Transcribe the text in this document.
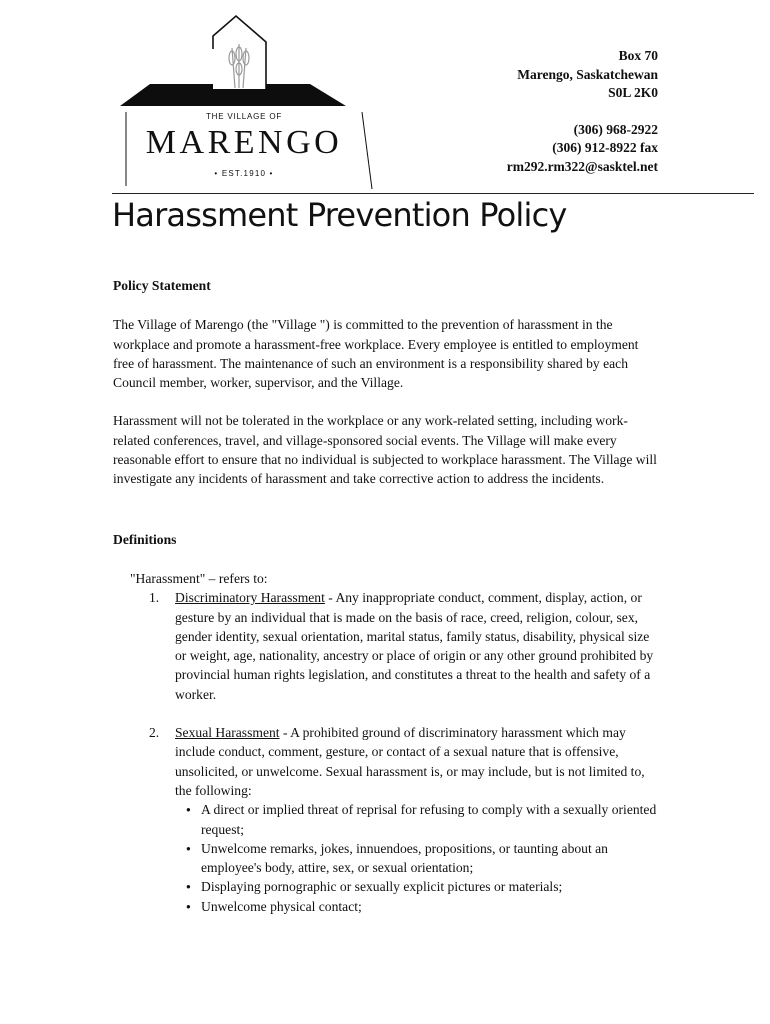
THE VILLAGE OF
MARENGO
• EST.1910 •
Box 70
Marengo, Saskatchewan
S0L 2K0
(306) 968-2922
(306) 912-8922 fax
rm292.rm322@sasktel.net
Harassment Prevention Policy

Policy Statement

The Village of Marengo (the "Village ") is committed to the prevention of harassment in the workplace and promote a harassment-free workplace. Every employee is entitled to employment free of harassment. The maintenance of such an environment is a responsibility shared by each Council member, worker, supervisor, and the Village.

Harassment will not be tolerated in the workplace or any work-related setting, including work-related conferences, travel, and village-sponsored social events. The Village will make every reasonable effort to ensure that no individual is subjected to workplace harassment. The Village will investigate any incidents of harassment and take corrective action to address the incidents.

Definitions

"Harassment" – refers to:

1. Discriminatory Harassment - Any inappropriate conduct, comment, display, action, or gesture by an individual that is made on the basis of race, creed, religion, colour, sex, gender identity, sexual orientation, marital status, family status, disability, physical size or weight, age, nationality, ancestry or place of origin or any other ground prohibited by provincial human rights legislation, and constitutes a threat to the health and safety of a worker.
2. Sexual Harassment - A prohibited ground of discriminatory harassment which may include conduct, comment, gesture, or contact of a sexual nature that is offensive, unsolicited, or unwelcome. Sexual harassment is, or may include, but is not limited to, the following:
● A direct or implied threat of reprisal for refusing to comply with a sexually oriented request;
● Unwelcome remarks, jokes, innuendoes, propositions, or taunting about an employee's body, attire, sex, or sexual orientation;
● Displaying pornographic or sexually explicit pictures or materials;
● Unwelcome physical contact;
